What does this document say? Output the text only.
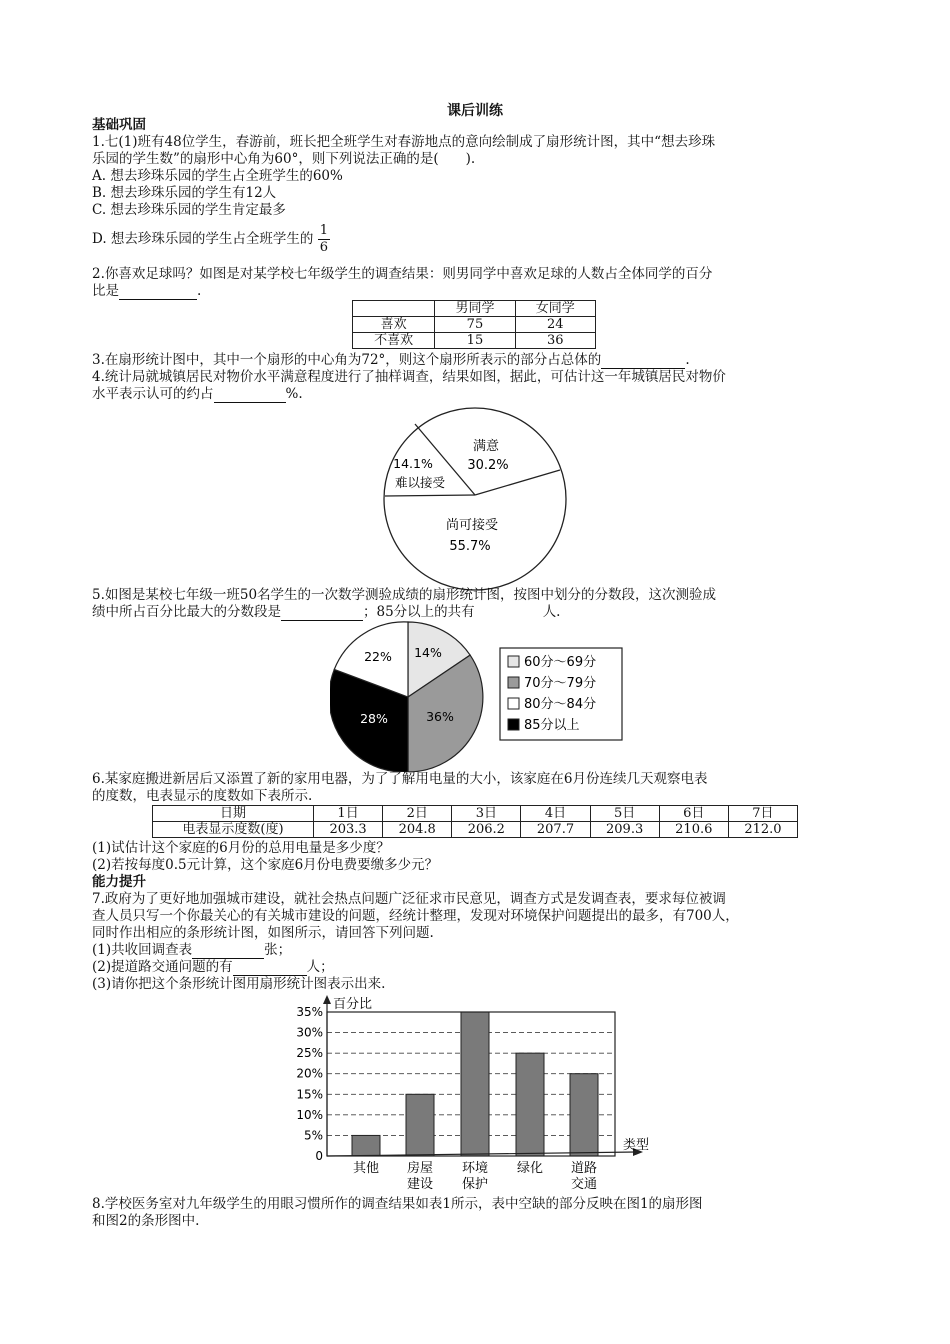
课后训练
基础巩固
1.七(1)班有48位学生，春游前，班长把全班学生对春游地点的意向绘制成了扇形统计图，其中“想去珍珠
乐园的学生数”的扇形中心角为60°，则下列说法正确的是(　　).
A. 想去珍珠乐园的学生占全班学生的60%
B. 想去珍珠乐园的学生有12人
C. 想去珍珠乐园的学生肯定最多
D. 想去珍珠乐园的学生占全班学生的 $\frac{1}{6}$
2.你喜欢足球吗？如图是对某学校七年级学生的调查结果：则男同学中喜欢足球的人数占全体同学的百分
比是	.
	男同学	女同学
喜欢	75	24
不喜欢	15	36
3.在扇形统计图中，其中一个扇形的中心角为72°，则这个扇形所表示的部分占总体的	.
4.统计局就城镇居民对物价水平满意程度进行了抽样调查，结果如图，据此，可估计这一年城镇居民对物价
水平表示认可的约占	%.
满意
30.2%
14.1%
难以接受
尚可接受
55.7%
5.如图是某校七年级一班50名学生的一次数学测验成绩的扇形统计图，按图中划分的分数段，这次测验成
绩中所占百分比最大的分数段是	；85分以上的共有	人.
14%
36%
28%
22%	60分～69分
70分～79分
80分～84分
85分以上
6.某家庭搬进新居后又添置了新的家用电器，为了了解用电量的大小，该家庭在6月份连续几天观察电表
的度数，电表显示的度数如下表所示.
日期	1日	2日	3日	4日	5日	6日	7日
电表显示度数(度)	203.3	204.8	206.2	207.7	209.3	210.6	212.0
(1)试估计这个家庭的6月份的总用电量是多少度？
(2)若按每度0.5元计算，这个家庭6月份电费要缴多少元？
能力提升
7.政府为了更好地加强城市建设，就社会热点问题广泛征求市民意见，调查方式是发调查表，要求每位被调
查人员只写一个你最关心的有关城市建设的问题，经统计整理，发现对环境保护问题提出的最多，有700人，
同时作出相应的条形统计图，如图所示，请回答下列问题.
(1)共收回调查表	张；
(2)提道路交通问题的有	人；
(3)请你把这个条形统计图用扇形统计图表示出来.
0
5%
10%
15%
20%
25%
30%
35%
其他 房屋
建设
环境
保护
绿化 道路
交通
百分比
类型
8.学校医务室对九年级学生的用眼习惯所作的调查结果如表1所示，表中空缺的部分反映在图1的扇形图
和图2的条形图中.
